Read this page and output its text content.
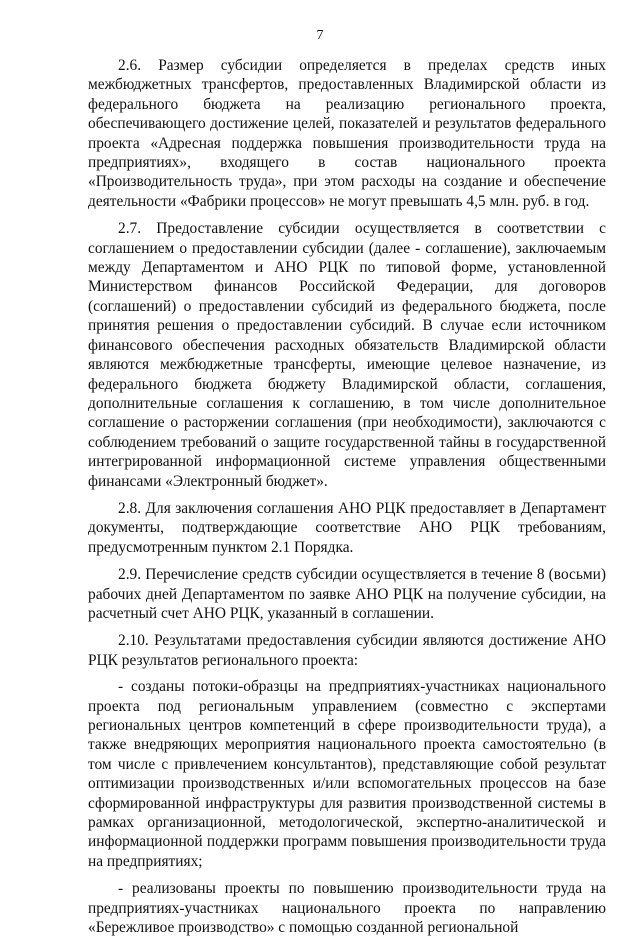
7

2.6. Размер субсидии определяется в пределах средств иных межбюджетных трансфертов, предоставленных Владимирской области из федерального бюджета на реализацию регионального проекта, обеспечивающего достижение целей, показателей и результатов федерального проекта «Адресная поддержка повышения производительности труда на предприятиях», входящего в состав национального проекта «Производительность труда», при этом расходы на создание и обеспечение деятельности «Фабрики процессов» не могут превышать 4,5 млн. руб. в год.

2.7. Предоставление субсидии осуществляется в соответствии с соглашением о предоставлении субсидии (далее - соглашение), заключаемым между Департаментом и АНО РЦК по типовой форме, установленной Министерством финансов Российской Федерации, для договоров (соглашений) о предоставлении субсидий из федерального бюджета, после принятия решения о предоставлении субсидий. В случае если источником финансового обеспечения расходных обязательств Владимирской области являются межбюджетные трансферты, имеющие целевое назначение, из федерального бюджета бюджету Владимирской области, соглашения, дополнительные соглашения к соглашению, в том числе дополнительное соглашение о расторжении соглашения (при необходимости), заключаются с соблюдением требований о защите государственной тайны в государственной интегрированной информационной системе управления общественными финансами «Электронный бюджет».

2.8. Для заключения соглашения АНО РЦК предоставляет в Департамент документы, подтверждающие соответствие АНО РЦК требованиям, предусмотренным пунктом 2.1 Порядка.

2.9. Перечисление средств субсидии осуществляется в течение 8 (восьми) рабочих дней Департаментом по заявке АНО РЦК на получение субсидии, на расчетный счет АНО РЦК, указанный в соглашении.

2.10. Результатами предоставления субсидии являются достижение АНО РЦК результатов регионального проекта:

- созданы потоки-образцы на предприятиях-участниках национального проекта под региональным управлением (совместно с экспертами региональных центров компетенций в сфере производительности труда), а также внедряющих мероприятия национального проекта самостоятельно (в том числе с привлечением консультантов), представляющие собой результат оптимизации производственных и/или вспомогательных процессов на базе сформированной инфраструктуры для развития производственной системы в рамках организационной, методологической, экспертно-аналитической и информационной поддержки программ повышения производительности труда на предприятиях;

- реализованы проекты по повышению производительности труда на предприятиях-участниках национального проекта по направлению «Бережливое производство» с помощью созданной региональной
